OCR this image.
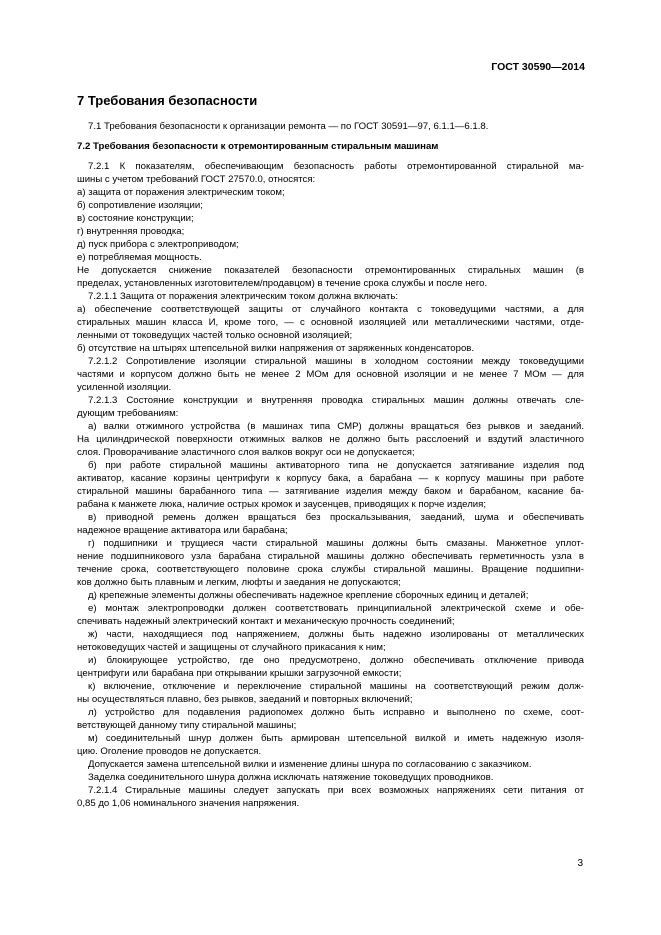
ГОСТ 30590—2014
7 Требования безопасности
7.1 Требования безопасности к организации ремонта — по ГОСТ 30591—97, 6.1.1—6.1.8.
7.2 Требования безопасности к отремонтированным стиральным машинам
7.2.1 К показателям, обеспечивающим безопасность работы отремонтированной стиральной ма-
шины с учетом требований ГОСТ 27570.0, относятся:
а) защита от поражения электрическим током;
б) сопротивление изоляции;
в) состояние конструкции;
г) внутренняя проводка;
д) пуск прибора с электроприводом;
е) потребляемая мощность.
Не допускается снижение показателей безопасности отремонтированных стиральных машин (в
пределах, установленных изготовителем/продавцом) в течение срока службы и после него.
7.2.1.1 Защита от поражения электрическим током должна включать:
а) обеспечение соответствующей защиты от случайного контакта с токоведущими частями, а для
стиральных машин класса И, кроме того, — с основной изоляцией или металлическими частями, отде-
ленными от токоведущих частей только основной изоляцией;
б) отсутствие на штырях штепсельной вилки напряжения от заряженных конденсаторов.
7.2.1.2 Сопротивление изоляции стиральной машины в холодном состоянии между токоведущими
частями и корпусом должно быть не менее 2 МОм для основной изоляции и не менее 7 МОм — для
усиленной изоляции.
7.2.1.3 Состояние конструкции и внутренняя проводка стиральных машин должны отвечать сле-
дующим требованиям:
а) валки отжимного устройства (в машинах типа СМР) должны вращаться без рывков и заеданий.
На цилиндрической поверхности отжимных валков не должно быть расслоений и вздутий эластичного
слоя. Проворачивание эластичного слоя валков вокруг оси не допускается;
б) при работе стиральной машины активаторного типа не допускается затягивание изделия под
активатор, касание корзины центрифуги к корпусу бака, а барабана — к корпусу машины при работе
стиральной машины барабанного типа — затягивание изделия между баком и барабаном, касание ба-
рабана к манжете люка, наличие острых кромок и заусенцев, приводящих к порче изделия;
в) приводной ремень должен вращаться без проскальзывания, заеданий, шума и обеспечивать
надежное вращение активатора или барабана;
г) подшипники и трущиеся части стиральной машины должны быть смазаны. Манжетное уплот-
нение подшипникового узла барабана стиральной машины должно обеспечивать герметичность узла в
течение срока, соответствующего половине срока службы стиральной машины. Вращение подшипни-
ков должно быть плавным и легким, люфты и заедания не допускаются;
д) крепежные элементы должны обеспечивать надежное крепление сборочных единиц и деталей;
е) монтаж электропроводки должен соответствовать принципиальной электрической схеме и обе-
спечивать надежный электрический контакт и механическую прочность соединений;
ж) части, находящиеся под напряжением, должны быть надежно изолированы от металлических
нетоковедущих частей и защищены от случайного прикасания к ним;
и) блокирующее устройство, где оно предусмотрено, должно обеспечивать отключение привода
центрифуги или барабана при открывании крышки загрузочной емкости;
к) включение, отключение и переключение стиральной машины на соответствующий режим долж-
ны осуществляться плавно, без рывков, заеданий и повторных включений;
л) устройство для подавления радиопомех должно быть исправно и выполнено по схеме, соот-
ветствующей данному типу стиральной машины;
м) соединительный шнур должен быть армирован штепсельной вилкой и иметь надежную изоля-
цию. Оголение проводов не допускается.
Допускается замена штепсельной вилки и изменение длины шнура по согласованию с заказчиком.
Заделка соединительного шнура должна исключать натяжение токоведущих проводников.
7.2.1.4 Стиральные машины следует запускать при всех возможных напряжениях сети питания от
0,85 до 1,06 номинального значения напряжения.
3
